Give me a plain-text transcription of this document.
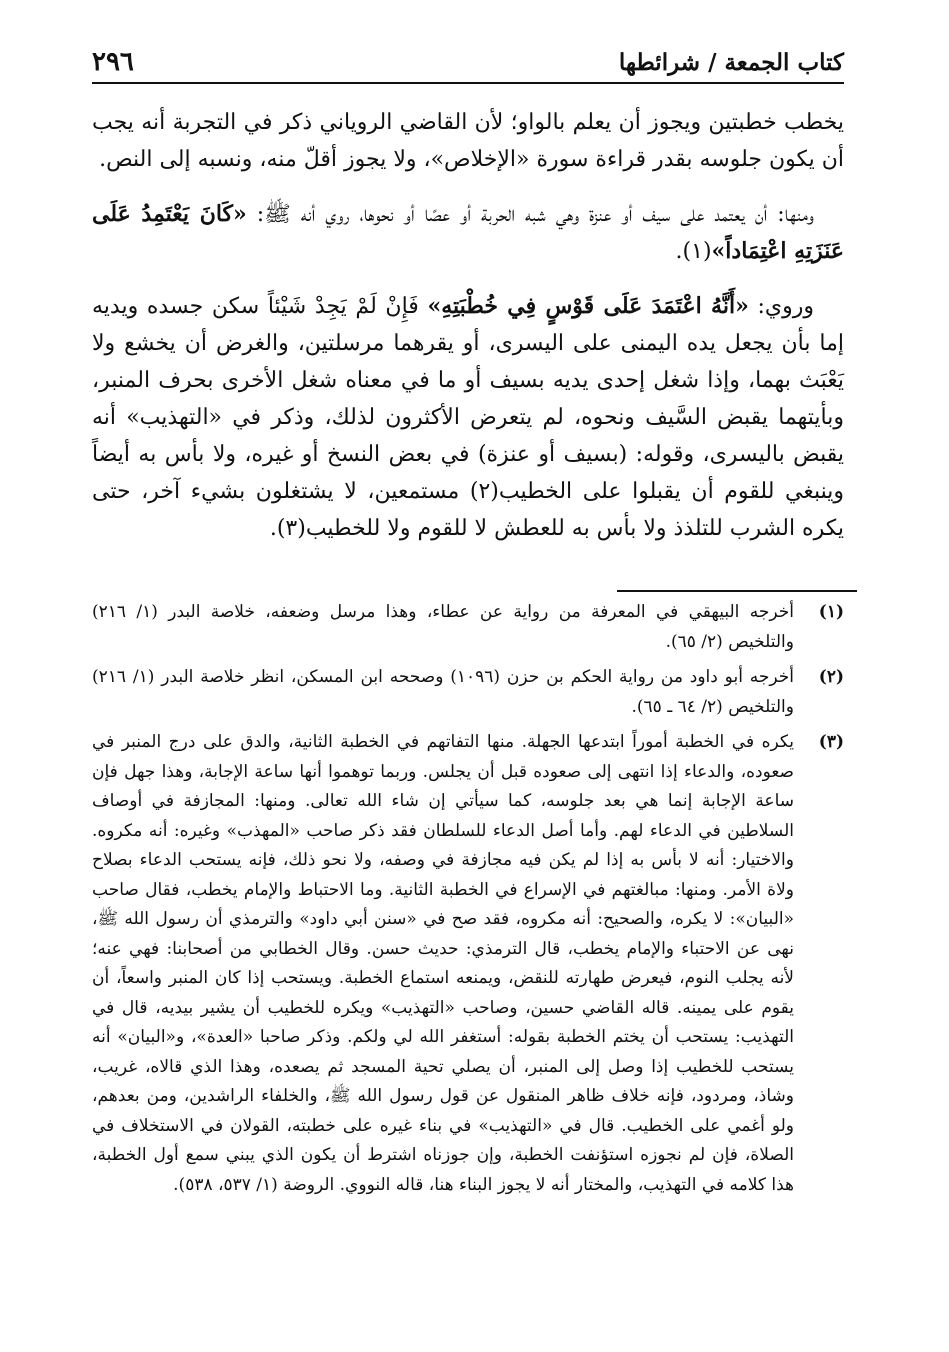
كتاب الجمعة / شرائطها
٢٩٦

يخطب خطبتين ويجوز أن يعلم بالواو؛ لأن القاضي الروياني ذكر في التجربة أنه يجب أن يكون جلوسه بقدر قراءة سورة «الإخلاص»، ولا يجوز أقلّ منه، ونسبه إلى النص.

ومنها: أن يعتمد على سيف أو عنزة وهي شبه الحربة أو عصًا أو نحوها، روي أنه ﷺ: «كَانَ يَعْتَمِدُ عَلَى عَنَزَتِهِ اعْتِمَاداً»(١).

وروي: «أَنَّهُ اعْتَمَدَ عَلَى قَوْسٍ فِي خُطْبَتِهِ» فَإِنْ لَمْ يَجِدْ شَيْئاً سكن جسده ويديه إما بأن يجعل يده اليمنى على اليسرى، أو يقرهما مرسلتين، والغرض أن يخشع ولا يَعْبَث بهما، وإذا شغل إحدى يديه بسيف أو ما في معناه شغل الأخرى بحرف المنبر، وبأيتهما يقبض السَّيف ونحوه، لم يتعرض الأكثرون لذلك، وذكر في «التهذيب» أنه يقبض باليسرى، وقوله: (بسيف أو عنزة) في بعض النسخ أو غيره، ولا بأس به أيضاً وينبغي للقوم أن يقبلوا على الخطيب(٢) مستمعين، لا يشتغلون بشيء آخر، حتى يكره الشرب للتلذذ ولا بأس به للعطش لا للقوم ولا للخطيب(٣).

(١)
أخرجه البيهقي في المعرفة من رواية عن عطاء، وهذا مرسل وضعفه، خلاصة البدر (١/ ٢١٦) والتلخيص (٢/ ٦٥).
(٢)
أخرجه أبو داود من رواية الحكم بن حزن (١٠٩٦) وصححه ابن المسكن، انظر خلاصة البدر (١/ ٢١٦) والتلخيص (٢/ ٦٤ ـ ٦٥).
(٣)
يكره في الخطبة أموراً ابتدعها الجهلة. منها التفاتهم في الخطبة الثانية، والدق على درج المنبر في صعوده، والدعاء إذا انتهى إلى صعوده قبل أن يجلس. وربما توهموا أنها ساعة الإجابة، وهذا جهل فإن ساعة الإجابة إنما هي بعد جلوسه، كما سيأتي إن شاء الله تعالى. ومنها: المجازفة في أوصاف السلاطين في الدعاء لهم. وأما أصل الدعاء للسلطان فقد ذكر صاحب «المهذب» وغيره: أنه مكروه. والاختيار: أنه لا بأس به إذا لم يكن فيه مجازفة في وصفه، ولا نحو ذلك، فإنه يستحب الدعاء بصلاح ولاة الأمر. ومنها: مبالغتهم في الإسراع في الخطبة الثانية. وما الاحتباط والإمام يخطب، فقال صاحب «البيان»: لا يكره، والصحيح: أنه مكروه، فقد صح في «سنن أبي داود» والترمذي أن رسول الله ﷺ، نهى عن الاحتباء والإمام يخطب، قال الترمذي: حديث حسن. وقال الخطابي من أصحابنا: فهي عنه؛ لأنه يجلب النوم، فيعرض طهارته للنقض، ويمنعه استماع الخطبة. ويستحب إذا كان المنبر واسعاً، أن يقوم على يمينه. قاله القاضي حسين، وصاحب «التهذيب» ويكره للخطيب أن يشير بيديه، قال في التهذيب: يستحب أن يختم الخطبة بقوله: أستغفر الله لي ولكم. وذكر صاحبا «العدة»، و«البيان» أنه يستحب للخطيب إذا وصل إلى المنبر، أن يصلي تحية المسجد ثم يصعده، وهذا الذي قالاه، غريب، وشاذ، ومردود، فإنه خلاف ظاهر المنقول عن قول رسول الله ﷺ، والخلفاء الراشدين، ومن بعدهم، ولو أغمي على الخطيب. قال في «التهذيب» في بناء غيره على خطبته، القولان في الاستخلاف في الصلاة، فإن لم نجوزه استؤنفت الخطبة، وإن جوزناه اشترط أن يكون الذي يبني سمع أول الخطبة، هذا كلامه في التهذيب، والمختار أنه لا يجوز البناء هنا، قاله النووي. الروضة (١/ ٥٣٧، ٥٣٨).
